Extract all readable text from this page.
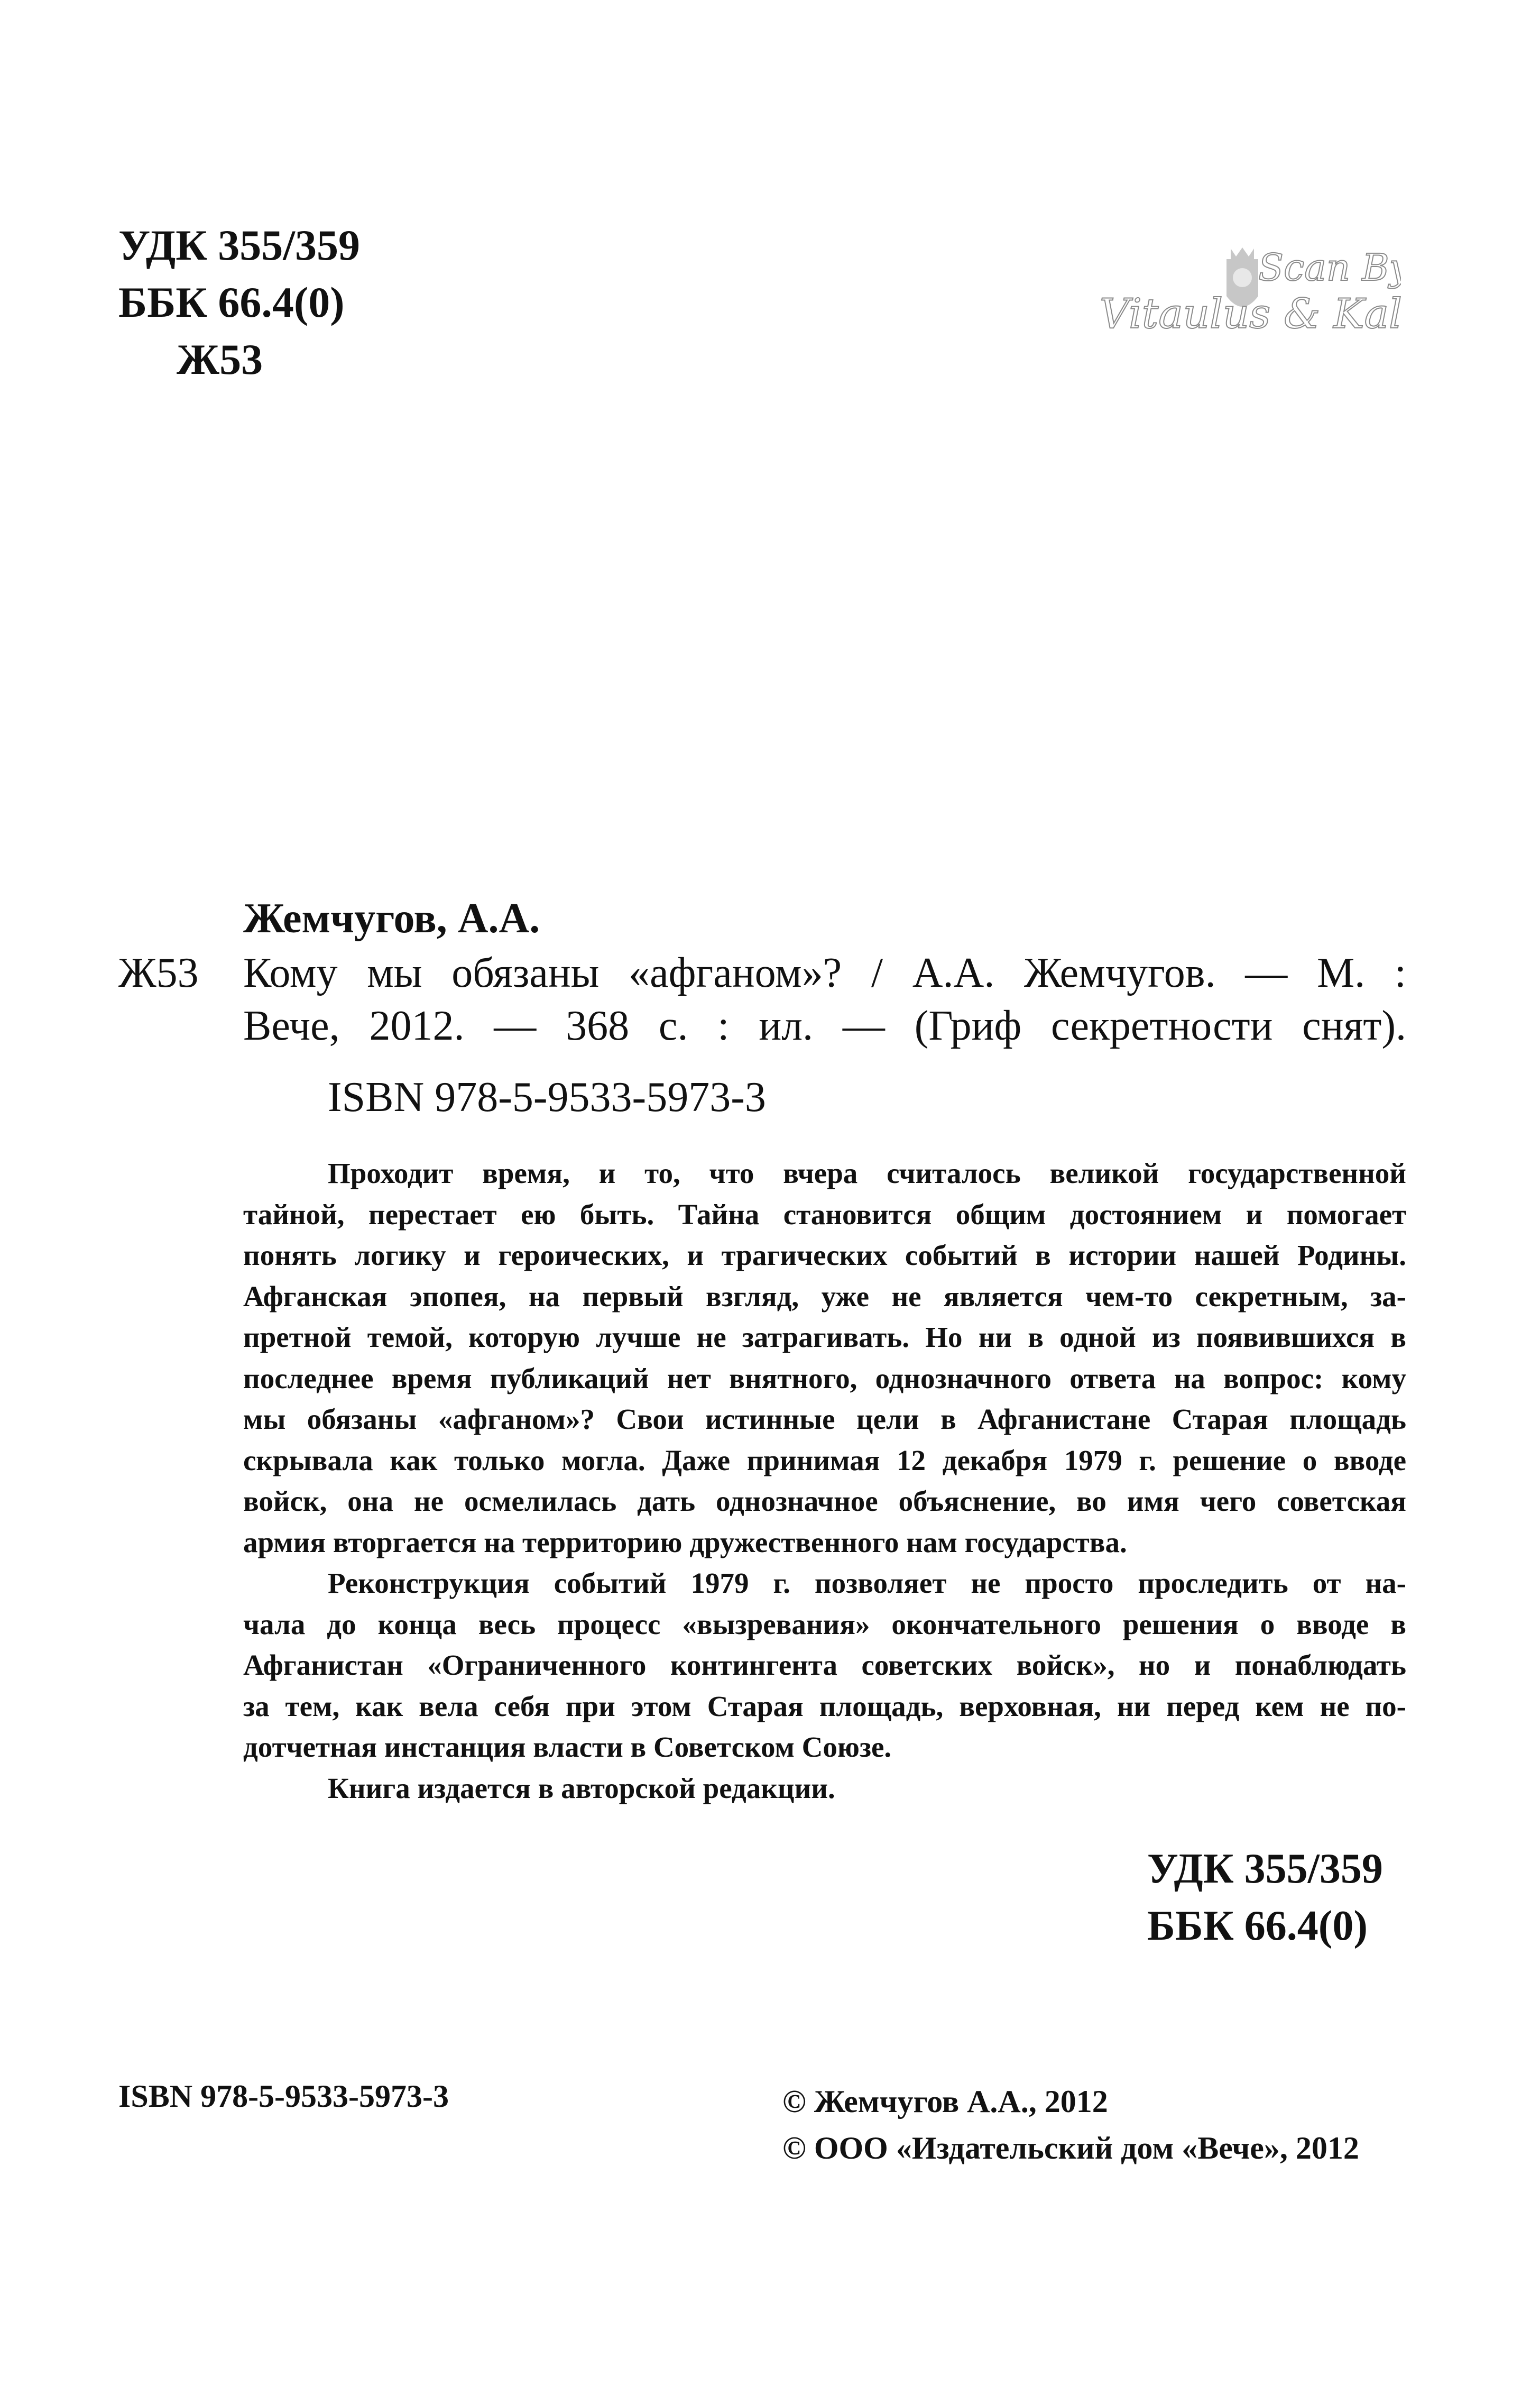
УДК 355/359
ББК 66.4(0)
Ж53
Scan By
Vitaulus & Kali
Ж53
Жемчугов, А.А.
Кому мы обязаны «афганом»? / А.А. Жемчугов. — М. :
Вече, 2012. — 368 с. : ил. — (Гриф секретности снят).
ISBN 978-5-9533-5973-3
Проходит время, и то, что вчера считалось великой государственной
тайной, перестает ею быть. Тайна становится общим достоянием и помогает
понять логику и героических, и трагических событий в истории нашей Родины.
Афганская эпопея, на первый взгляд, уже не является чем-то секретным, за-
претной темой, которую лучше не затрагивать. Но ни в одной из появившихся в
последнее время публикаций нет внятного, однозначного ответа на вопрос: кому
мы обязаны «афганом»? Свои истинные цели в Афганистане Старая площадь
скрывала как только могла. Даже принимая 12 декабря 1979 г. решение о вводе
войск, она не осмелилась дать однозначное объяснение, во имя чего советская
армия вторгается на территорию дружественного нам государства.
Реконструкция событий 1979 г. позволяет не просто проследить от на-
чала до конца весь процесс «вызревания» окончательного решения о вводе в
Афганистан «Ограниченного контингента советских войск», но и понаблюдать
за тем, как вела себя при этом Старая площадь, верховная, ни перед кем не по-
дотчетная инстанция власти в Советском Союзе.
Книга издается в авторской редакции.
УДК 355/359
ББК 66.4(0)
ISBN 978-5-9533-5973-3	© Жемчугов А.А., 2012
© ООО «Издательский дом «Вече», 2012
